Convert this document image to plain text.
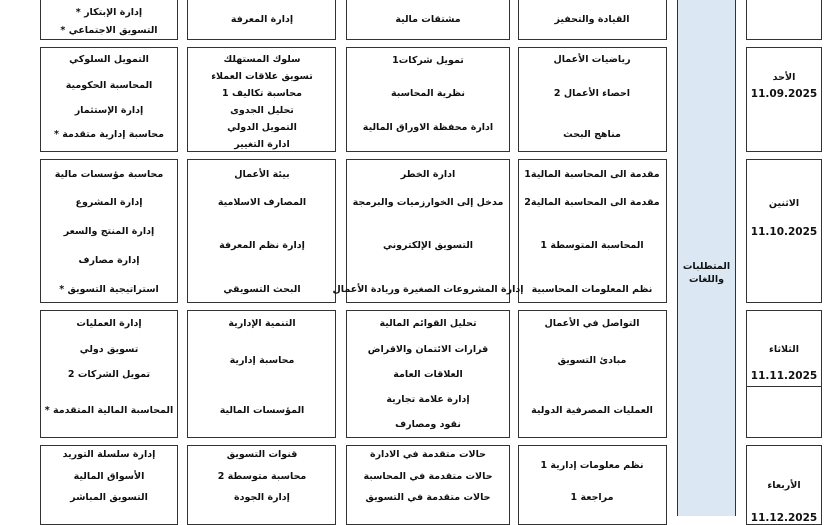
القيادة والتحفيز
مشتقات مالية
إدارة المعرفة
إدارة الإبتكار *
التسويق الاجتماعي *
رياضيات الأعمال
احصاء الأعمال 2
مناهج البحث
تمويل شركات1
نظرية المحاسبة
ادارة محفظة الاوراق المالية
سلوك المستهلك
تسويق علاقات العملاء
محاسبة تكاليف 1
تحليل الجدوى
التمويل الدولي
ادارة التغيير
التمويل السلوكي
المحاسبة الحكومية
إدارة الإستثمار
محاسبة إدارية متقدمة *
مقدمة الى المحاسبة المالية1
مقدمة الى المحاسبة المالية2
المحاسبة المتوسطة 1
نظم المعلومات المحاسبية
ادارة الخطر
مدخل إلى الخوارزميات والبرمجة
التسويق الإلكتروني
إدارة المشروعات الصغيرة وريادة الأعمال
بيئة الأعمال
المصارف الاسلامية
إدارة نظم المعرفة
البحث التسويقي
محاسبة مؤسسات مالية
إدارة المشروع
إدارة المنتج والسعر
إدارة مصارف
استراتيجية التسويق *
التواصل في الأعمال
مبادئ التسويق
العمليات المصرفية الدولية
تحليل القوائم المالية
قرارات الائتمان والاقراض
العلاقات العامة
إدارة علامة تجارية
نقود ومصارف
التنمية الإدارية
محاسبة إدارية
المؤسسات المالية
إدارة العمليات
تسويق دولي
تمويل الشركات 2
المحاسبة المالية المتقدمة *
نظم معلومات إدارية 1
مراجعة 1
حالات متقدمة في الادارة
حالات متقدمة في المحاسبة
حالات متقدمة في التسويق
قنوات التسويق
محاسبة متوسطة 2
إدارة الجودة
إدارة سلسلة التوريد
الأسواق المالية
التسويق المباشر
المتطلبات
واللغات
الأحد
11.09.2025
الاثنين
11.10.2025
الثلاثاء
11.11.2025
الأربعاء
11.12.2025
